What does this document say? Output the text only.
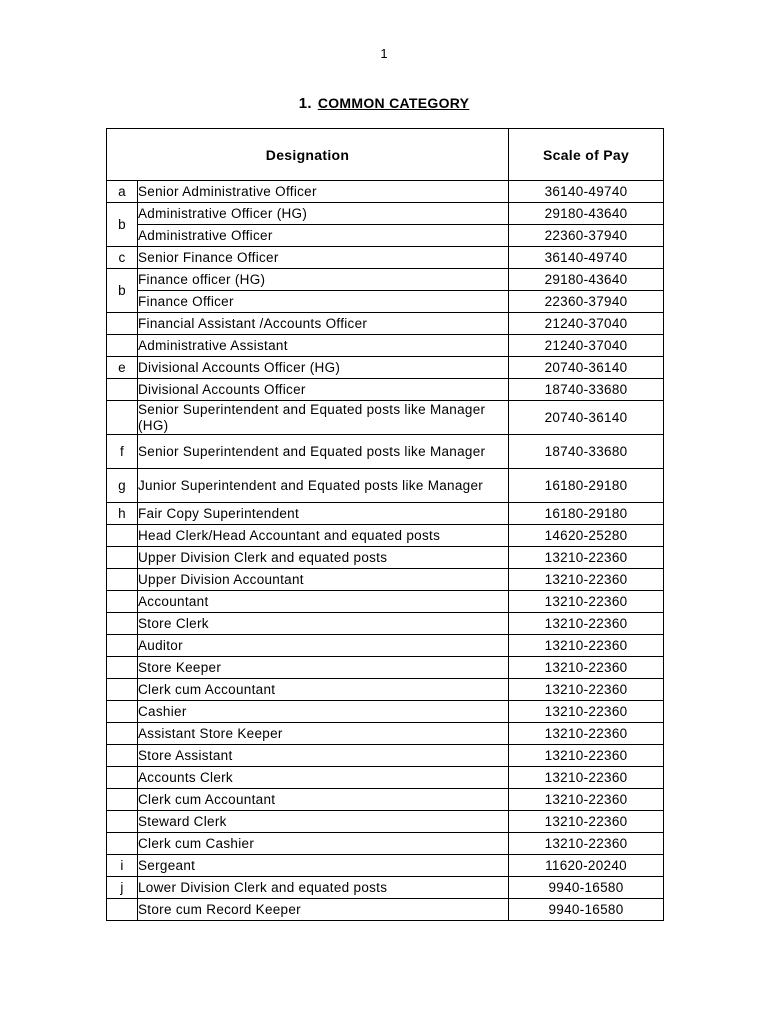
1
1. COMMON CATEGORY
Designation		Scale of Pay
a	Senior Administrative Officer	36140-49740
b	Administrative Officer (HG)	29180-43640
	Administrative Officer	22360-37940
c	Senior Finance Officer	36140-49740
b	Finance officer (HG)	29180-43640
	Finance Officer	22360-37940
	Financial Assistant /Accounts Officer	21240-37040
	Administrative Assistant	21240-37040
e	Divisional Accounts Officer (HG)	20740-36140
	Divisional Accounts Officer	18740-33680
	Senior Superintendent and Equated posts like Manager (HG)	20740-36140
f	Senior Superintendent and Equated posts like Manager	18740-33680
g	Junior Superintendent and Equated posts like Manager	16180-29180
h	Fair Copy Superintendent	16180-29180
	Head Clerk/Head Accountant and equated posts	14620-25280
	Upper Division Clerk and equated posts	13210-22360
	Upper Division Accountant	13210-22360
	Accountant	13210-22360
	Store Clerk	13210-22360
	Auditor	13210-22360
	Store Keeper	13210-22360
	Clerk cum Accountant	13210-22360
	Cashier	13210-22360
	Assistant Store Keeper	13210-22360
	Store Assistant	13210-22360
	Accounts Clerk	13210-22360
	Clerk cum Accountant	13210-22360
	Steward Clerk	13210-22360
	Clerk cum Cashier	13210-22360
i	Sergeant	11620-20240
j	Lower Division Clerk and equated posts	9940-16580
	Store cum Record Keeper	9940-16580
